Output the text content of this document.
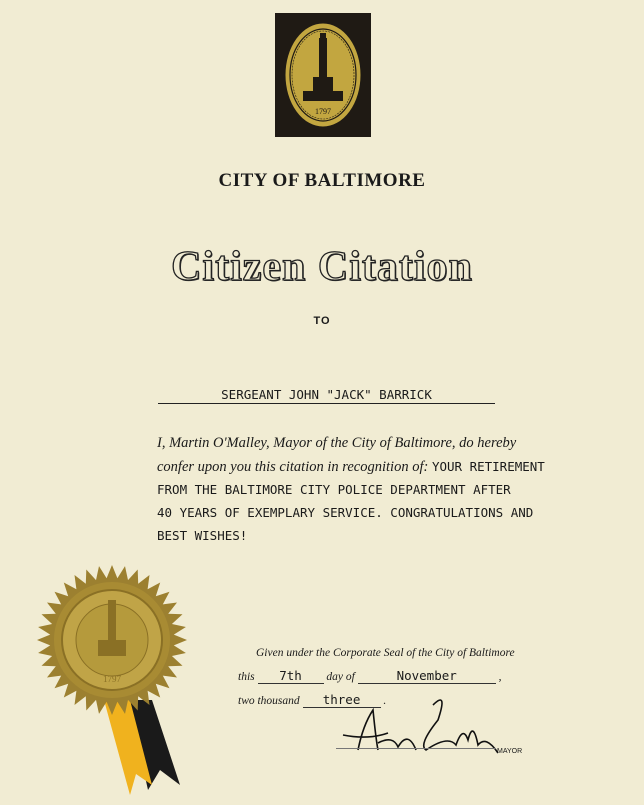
1797
CITY OF BALTIMORE
Citizen Citation
TO
SERGEANT JOHN "JACK" BARRICK
I, Martin O'Malley, Mayor of the City of Baltimore, do hereby
confer upon you this citation in recognition of: YOUR RETIREMENT
FROM THE BALTIMORE CITY POLICE DEPARTMENT AFTER
40 YEARS OF EXEMPLARY SERVICE. CONGRATULATIONS AND
BEST WISHES!
1797
Given under the Corporate Seal of the City of Baltimore
this 7th day of	November	,
two thousand three .
MAYOR
